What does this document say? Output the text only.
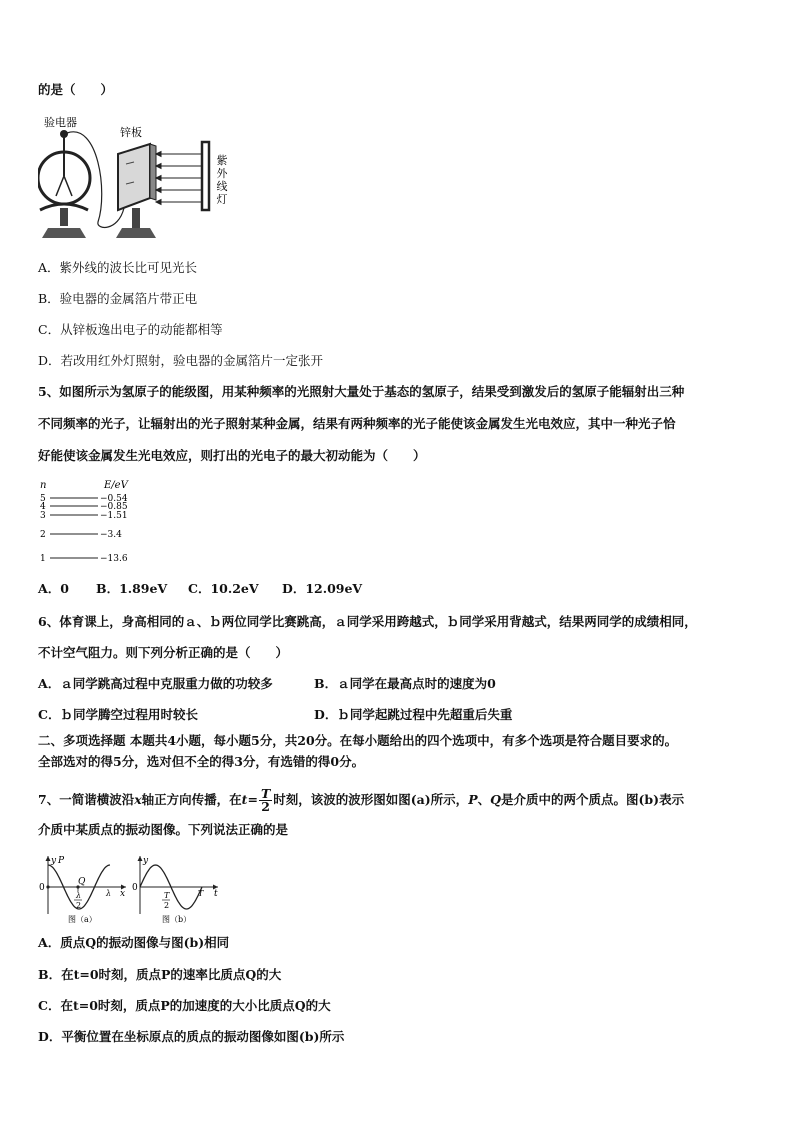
的是（　　）
验电器
锌板
紫
外
线
灯
A．紫外线的波长比可见光长
B．验电器的金属箔片带正电
C．从锌板逸出电子的动能都相等
D．若改用红外灯照射，验电器的金属箔片一定张开
5、如图所示为氢原子的能级图，用某种频率的光照射大量处于基态的氢原子，结果受到激发后的氢原子能辐射出三种
不同频率的光子，让辐射出的光子照射某种金属，结果有两种频率的光子能使该金属发生光电效应，其中一种光子恰
好能使该金属发生光电效应，则打出的光电子的最大初动能为（　　）
n	E/eV
5	−0.54
4	−0.85
3	−1.51
2	−3.4
1	−13.6
A．0 B．1.89eV C．10.2eV D．12.09eV
6、体育课上，身高相同的ａ、ｂ两位同学比赛跳高，ａ同学采用跨越式，ｂ同学采用背越式，结果两同学的成绩相同，
不计空气阻力。则下列分析正确的是（　　）
A．ａ同学跳高过程中克服重力做的功较多	B．ａ同学在最高点时的速度为0
C．ｂ同学腾空过程用时较长	D．ｂ同学起跳过程中先超重后失重
二、多项选择题 本题共4小题，每小题5分，共20分。在每小题给出的四个选项中，有多个选项是符合题目要求的。
全部选对的得5分，选对但不全的得3分，有选错的得0分。
7、一简谐横波沿x轴正方向传播，在$t= \frac{T}{2}$ 时刻，该波的波形图如图(a)所示，P、Q是介质中的两个质点。图(b)表示
介质中某质点的振动图像。下列说法正确的是
y P
0
Q
λ
2
λ x
图（a）
y
0
T
2
T t
图（b）
A．质点Q的振动图像与图(b)相同
B．在t=0时刻，质点P的速率比质点Q的大
C．在t=0时刻，质点P的加速度的大小比质点Q的大
D．平衡位置在坐标原点的质点的振动图像如图(b)所示
